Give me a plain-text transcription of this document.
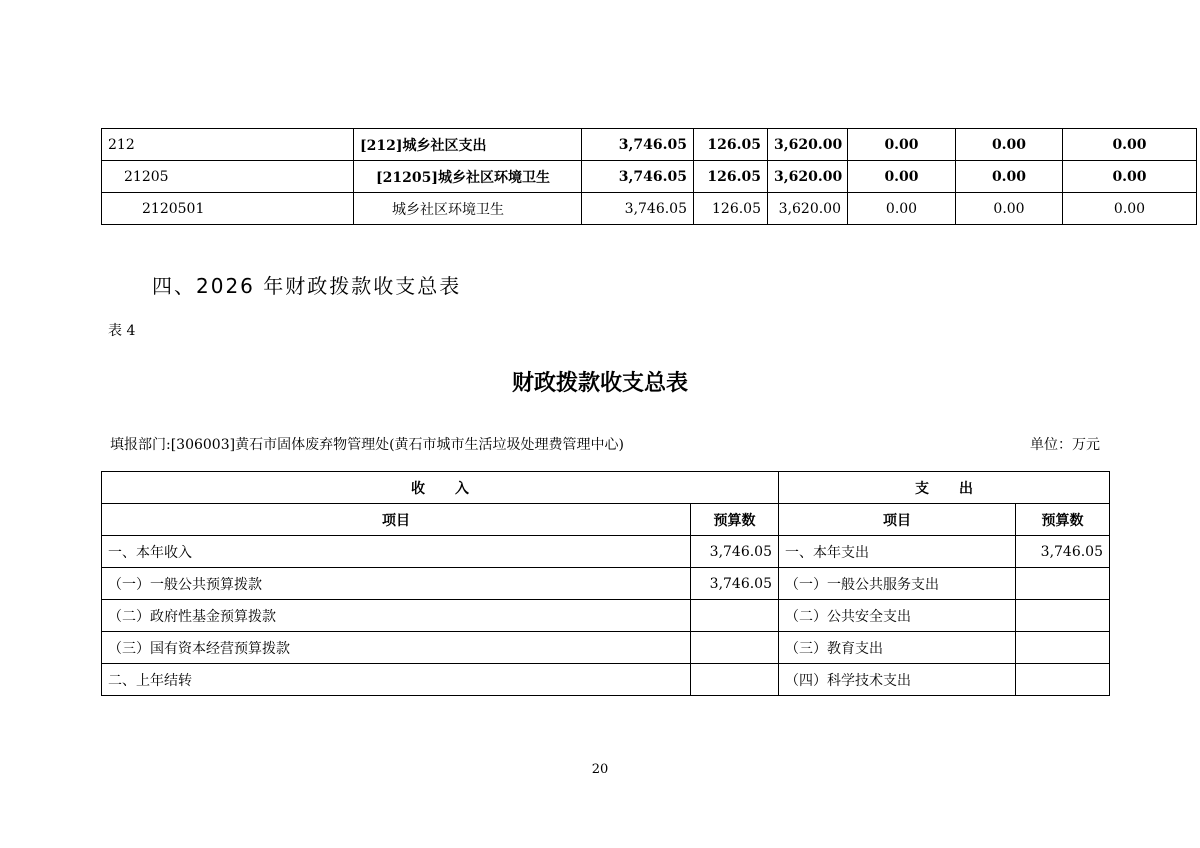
212	[212]城乡社区支出	3,746.05	126.05	3,620.00	0.00	0.00	0.00
21205	[21205]城乡社区环境卫生	3,746.05	126.05	3,620.00	0.00	0.00	0.00
2120501	城乡社区环境卫生	3,746.05	126.05	3,620.00	0.00	0.00	0.00
四、2026 年财政拨款收支总表
表 4
财政拨款收支总表
填报部门:[306003]黄石市固体废弃物管理处(黄石市城市生活垃圾处理费管理中心)	单位：万元
收入		支出	
项目	预算数	项目	预算数
一、本年收入	3,746.05	一、本年支出	3,746.05
（一）一般公共预算拨款	3,746.05	（一）一般公共服务支出	
（二）政府性基金预算拨款		（二）公共安全支出	
（三）国有资本经营预算拨款		（三）教育支出	
二、上年结转		（四）科学技术支出	
20
